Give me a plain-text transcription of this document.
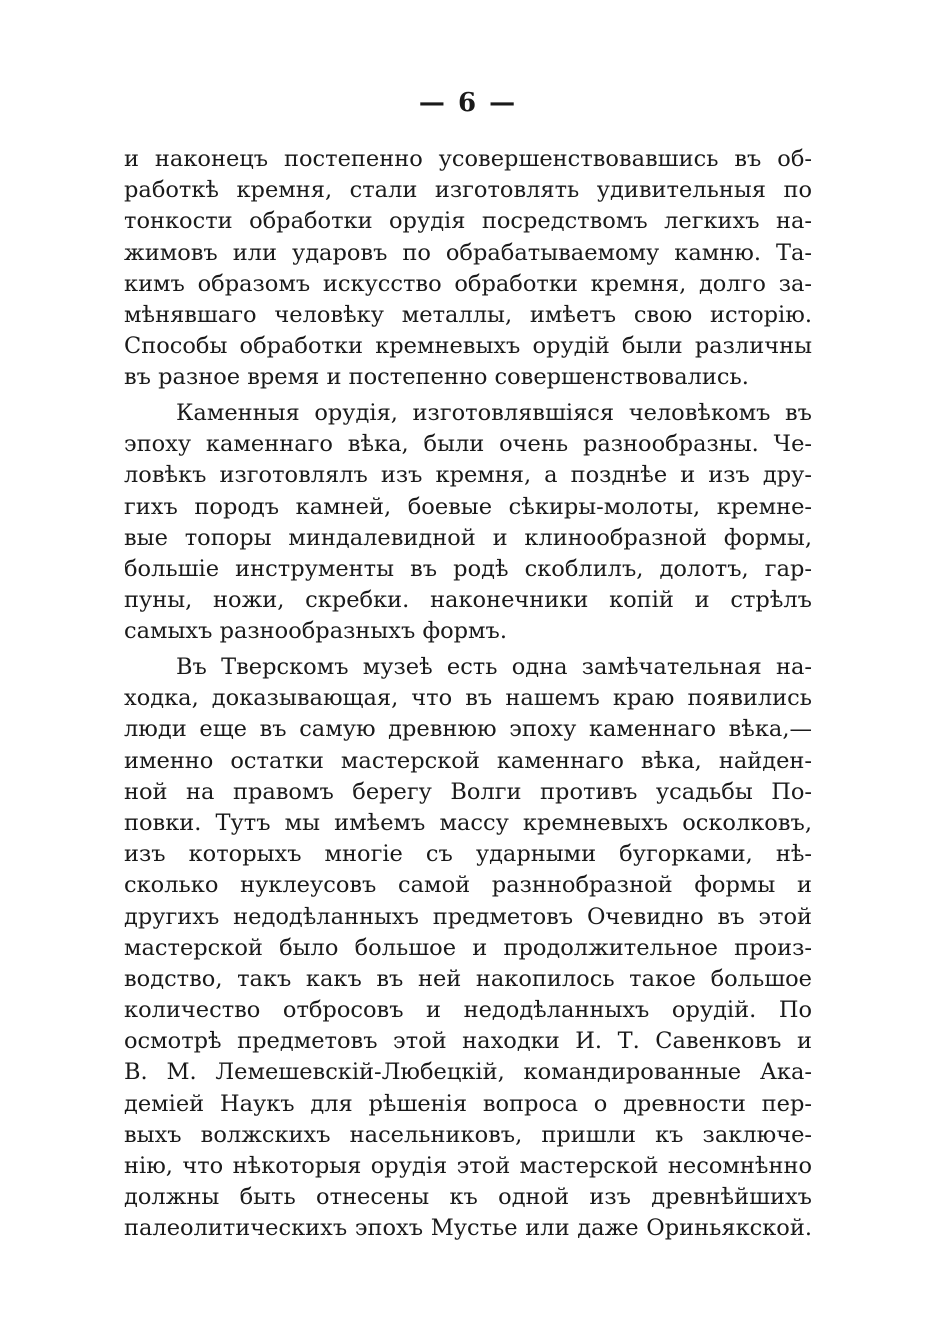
— 6 —
и наконецъ постепенно усовершенствовавшись въ об-
работкѣ кремня, стали изготовлять удивительныя по
тонкости обработки орудія посредствомъ легкихъ на-
жимовъ или ударовъ по обрабатываемому камню. Та-
кимъ образомъ искусство обработки кремня, долго за-
мѣнявшаго человѣку металлы, имѣетъ свою исторію.
Способы обработки кремневыхъ орудій были различны
въ разное время и постепенно совершенствовались.
Каменныя орудія, изготовлявшіяся человѣкомъ въ
эпоху каменнаго вѣка, были очень разнообразны. Че-
ловѣкъ изготовлялъ изъ кремня, а позднѣе и изъ дру-
гихъ породъ камней, боевые сѣкиры-молоты, кремне-
вые топоры миндалевидной и клинообразной формы,
большіе инструменты въ родѣ скоблилъ, долотъ, гар-
пуны, ножи, скребки. наконечники копій и стрѣлъ
самыхъ разнообразныхъ формъ.
Въ Тверскомъ музеѣ есть одна замѣчательная на-
ходка, доказывающая, что въ нашемъ краю появились
люди еще въ самую древнюю эпоху каменнаго вѣка,—
именно остатки мастерской каменнаго вѣка, найден-
ной на правомъ берегу Волги противъ усадьбы По-
повки. Тутъ мы имѣемъ массу кремневыхъ осколковъ,
изъ которыхъ многіе съ ударными бугорками, нѣ-
сколько нуклеусовъ самой разннобразной формы и
другихъ недодѣланныхъ предметовъ Очевидно въ этой
мастерской было большое и продолжительное произ-
водство, такъ какъ въ ней накопилось такое большое
количество отбросовъ и недодѣланныхъ орудій. По
осмотрѣ предметовъ этой находки И. Т. Савенковъ и
В. М. Лемешевскій-Любецкій, командированные Ака-
деміей Наукъ для рѣшенія вопроса о древности пер-
выхъ волжскихъ насельниковъ, пришли къ заключе-
нію, что нѣкоторыя орудія этой мастерской несомнѣнно
должны быть отнесены къ одной изъ древнѣйшихъ
палеолитическихъ эпохъ Мустье или даже Ориньякской.
